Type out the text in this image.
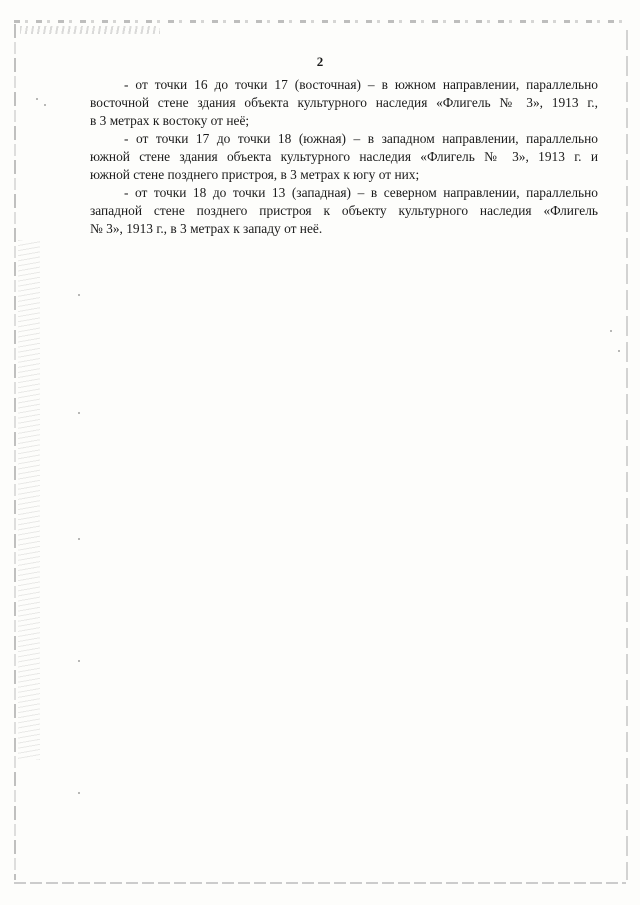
2
- от точки 16 до точки 17 (восточная) – в южном направлении, параллельно
восточной стене здания объекта культурного наследия «Флигель № 3», 1913 г.,
в 3 метрах к востоку от неё;
- от точки 17 до точки 18 (южная) – в западном направлении, параллельно
южной стене здания объекта культурного наследия «Флигель № 3», 1913 г. и
южной стене позднего пристроя, в 3 метрах к югу от них;
- от точки 18 до точки 13 (западная) – в северном направлении, параллельно
западной стене позднего пристроя к объекту культурного наследия «Флигель
№ 3», 1913 г., в 3 метрах к западу от неё.
